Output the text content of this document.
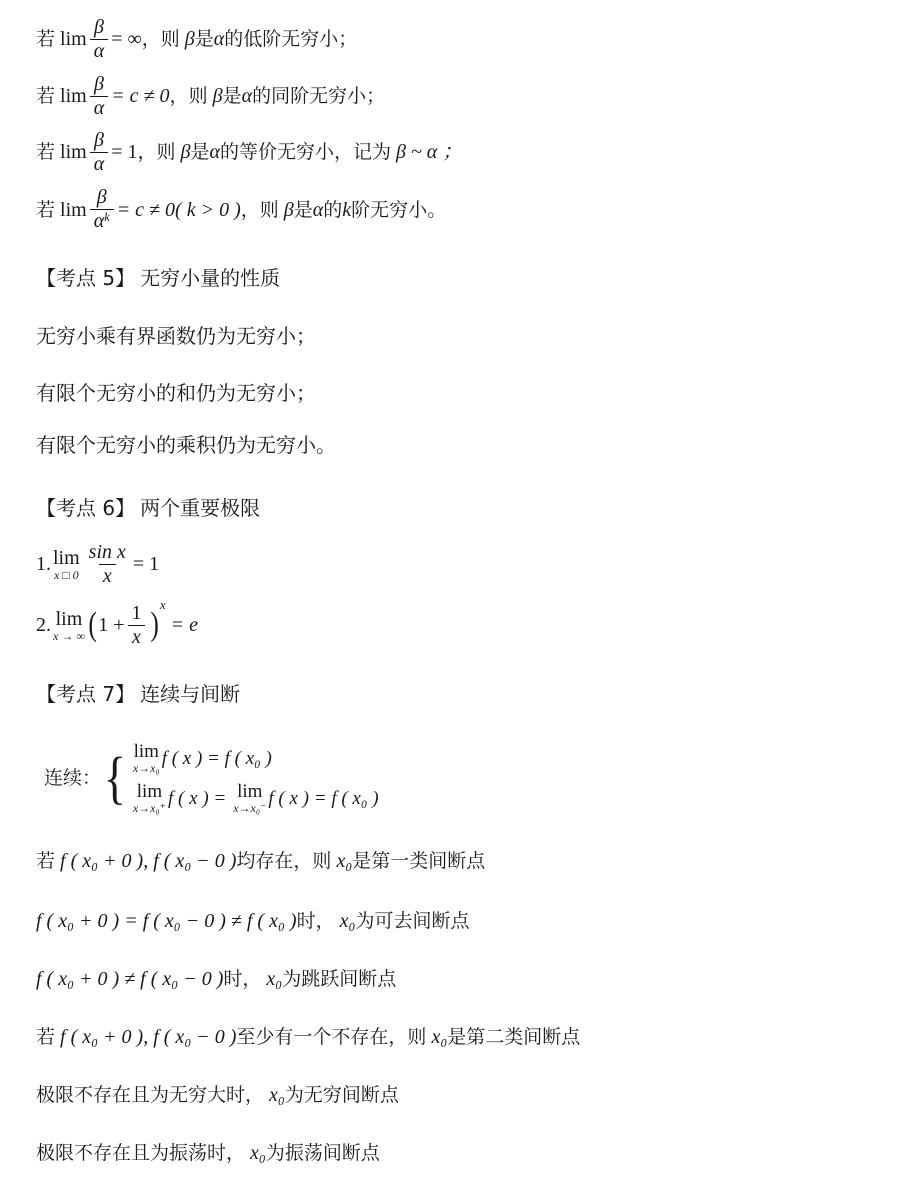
若 $\lim \frac{\beta}{\alpha}$ = ∞ ， 则 β 是 α 的低阶无穷小；
若 $\lim \frac{\beta}{\alpha} = c \ne 0$ ， 则 β 是 α 的同阶无穷小；
若 $\lim \frac{\beta}{\alpha} = 1$ ， 则 β 是 α 的等价无穷小，记为 β ~ α ；
若 $\lim \frac{\beta}{\alpha^k} = c \ne 0$ ( k > 0 ) ， 则 β 是 α 的 k 阶无穷小。
【考点 5】 无穷小量的性质
无穷小乘有界函数仍为无穷小；
有限个无穷小的和仍为无穷小；
有限个无穷小的乘积仍为无穷小。
【考点 6】 两个重要极限
1. lim
x □ $0 \frac{\text{sin x}}{x} = 1$
2. lim
x → ∞ ( $1 + \frac{1}{x}$ )
x
= e
【考点 7】 连续与间断
连续： { lim
x→x₀ f ( x ) = f ( x₀ )
lim
x→x₀⁺ f ( x ) = lim
x→x₀⁻ f ( x ) = f ( x₀ )
若 f ( x₀ + 0 ), f ( x₀ − 0 ) 均存在，则 x₀ 是第一类间断点
f ( x₀ + 0 ) = f ( x₀ − 0 ) ≠ f ( x₀ ) 时， x₀ 为可去间断点
f ( x₀ + 0 ) ≠ f ( x₀ − 0 ) 时， x₀ 为跳跃间断点
若 f ( x₀ + 0 ), f ( x₀ − 0 ) 至少有一个不存在，则 x₀ 是第二类间断点
极限不存在且为无穷大时， x₀ 为无穷间断点
极限不存在且为振荡时， x₀ 为振荡间断点
